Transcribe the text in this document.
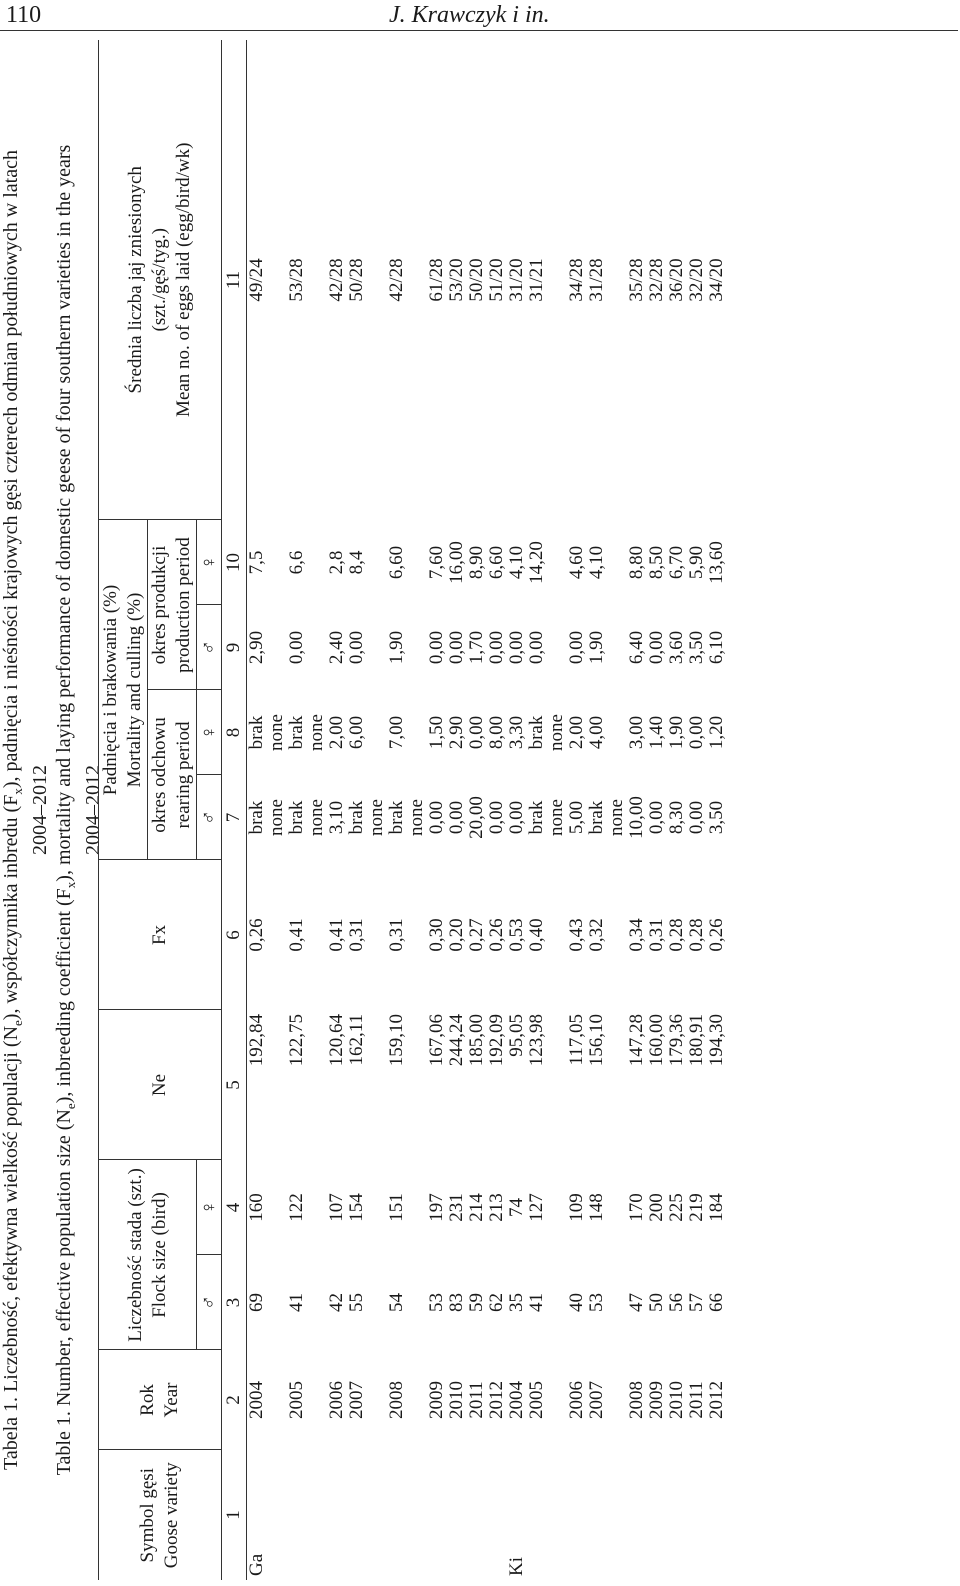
110	J. Krawczyk i in.
Tabela 1. Liczebność, efektywna wielkość populacji $(N_e)$, współczynnika inbredu $(F_x)$, padnięcia i nieśności krajowych gęsi czterech odmian południowych w latach
2004–2012
Table 1. Number, effective population size $(N_e)$, inbreeding coefficient $(F_x)$, mortality and laying performance of domestic geese of four southern varieties in the years 2004–2012
Symbol gęsi Goose variety	Rok Year	Liczebność stada (szt.) Flock size (bird)		Ne	Fx	Padnięcia i brakowania (%) Mortality and culling (%)				Średnia liczba jaj zniesionych (szt./gęś/tyg.) Mean no. of eggs laid (egg/bird/wk)
						okres odchowu rearing period		okres produkcji production period		
		♂	♀			♂	♀	♂	♀	
1	2	3	4	5	6	7	8	9	10	11
Ga	2004	69	160	192,84	0,26	brak none	brak none	2,90	7,5	49/24
	2005	41	122	122,75	0,41	brak none	brak none	0,00	6,6	53/28
	2006	42	107	120,64	0,41	3,10	2,00	2,40	2,8	42/28
	2007	55	154	162,11	0,31	brak none	6,00	0,00	8,4	50/28
	2008	54	151	159,10	0,31	brak none	7,00	1,90	6,60	42/28
	2009	53	197	167,06	0,30	0,00	1,50	0,00	7,60	61/28
	2010	83	231	244,24	0,20	0,00	2,90	0,00	16,00	53/20
	2011	59	214	185,00	0,27	20,00	0,00	1,70	8,90	50/20
	2012	62	213	192,09	0,26	0,00	8,00	0,00	6,60	51/20
Ki	2004	35	74	95,05	0,53	0,00	3,30	0,00	4,10	31/20
	2005	41	127	123,98	0,40	brak none	brak none	0,00	14,20	31/21
	2006	40	109	117,05	0,43	5,00	2,00	0,00	4,60	34/28
	2007	53	148	156,10	0,32	brak none	4,00	1,90	4,10	31/28
	2008	47	170	147,28	0,34	10,00	3,00	6,40	8,80	35/28
	2009	50	200	160,00	0,31	0,00	1,40	0,00	8,50	32/28
	2010	56	225	179,36	0,28	8,30	1,90	3,60	6,70	36/20
	2011	57	219	180,91	0,28	0,00	0,00	3,50	5,90	32/20
	2012	66	184	194,30	0,26	3,50	1,20	6,10	13,60	34/20
